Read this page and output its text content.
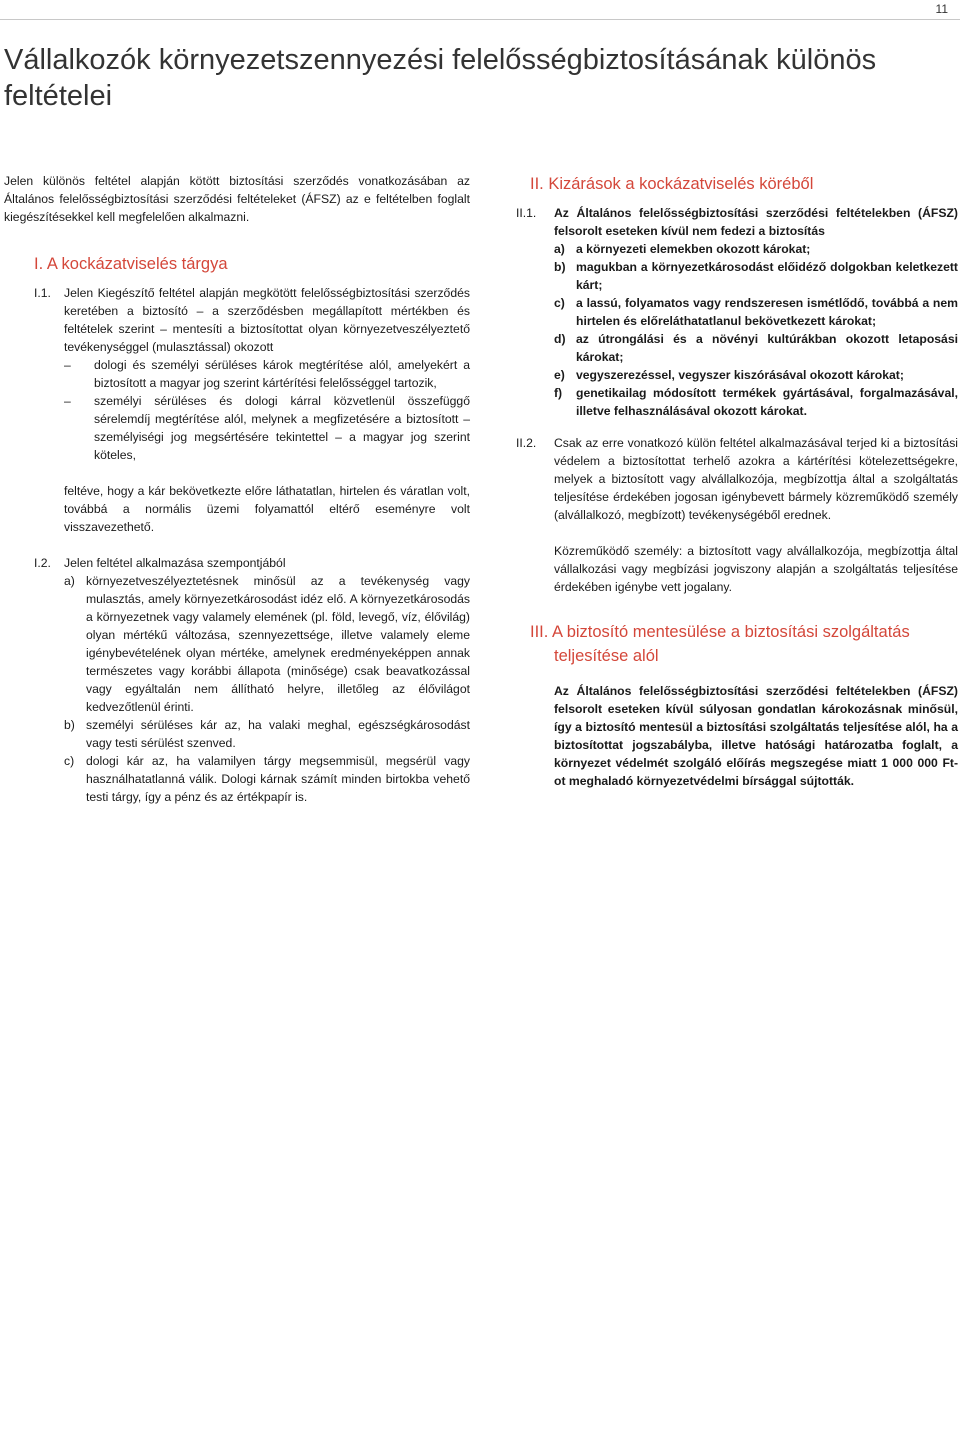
11
Vállalkozók környezetszennyezési felelősségbiztosításának különös feltételei

Jelen különös feltétel alapján kötött biztosítási szerződés vonatkozásában az Általános felelősségbiztosítási szerződési feltételeket (ÁFSZ) az e feltételben foglalt kiegészítésekkel kell megfelelően alkalmazni.

I. A kockázatviselés tárgya
I.1. Jelen Kiegészítő feltétel alapján megkötött felelősségbiztosítási szerződés keretében a biztosító – a szerződésben megállapított mértékben és feltételek szerint – mentesíti a biztosítottat olyan környezetveszélyeztető tevékenységgel (mulasztással) okozott

– dologi és személyi sérüléses károk megtérítése alól, amelyekért a biztosított a magyar jog szerint kártérítési felelősséggel tartozik,
– személyi sérüléses és dologi kárral közvetlenül összefüggő sérelemdíj megtérítése alól, melynek a megfizetésére a biztosított – személyiségi jog megsértésére tekintettel – a magyar jog szerint köteles,

feltéve, hogy a kár bekövetkezte előre láthatatlan, hirtelen és váratlan volt, továbbá a normális üzemi folyamattól eltérő eseményre volt visszavezethető.

I.2. Jelen feltétel alkalmazása szempontjából

a) környezetveszélyeztetésnek minősül az a tevékenység vagy mulasztás, amely környezetkárosodást idéz elő. A környezetkárosodás a környezetnek vagy valamely elemének (pl. föld, levegő, víz, élővilág) olyan mértékű változása, szennyezettsége, illetve valamely eleme igénybevételének olyan mértéke, amelynek eredményeképpen annak természetes vagy korábbi állapota (minősége) csak beavatkozással vagy egyáltalán nem állítható helyre, illetőleg az élővilágot kedvezőtlenül érinti.
b) személyi sérüléses kár az, ha valaki meghal, egészségkárosodást vagy testi sérülést szenved.
c) dologi kár az, ha valamilyen tárgy megsemmisül, megsérül vagy használhatatlanná válik. Dologi kárnak számít minden birtokba vehető testi tárgy, így a pénz és az értékpapír is.
II. Kizárások a kockázatviselés köréből
II.1. Az Általános felelősségbiztosítási szerződési feltételekben (ÁFSZ) felsorolt eseteken kívül nem fedezi a biztosítás

a) a környezeti elemekben okozott károkat;
b) magukban a környezetkárosodást előidéző dolgokban keletkezett kárt;
c) a lassú, folyamatos vagy rendszeresen ismétlődő, továbbá a nem hirtelen és előreláthatatlanul bekövetkezett károkat;
d) az útrongálási és a növényi kultúrákban okozott letaposási károkat;
e) vegyszerezéssel, vegyszer kiszórásával okozott károkat;
f) genetikailag módosított termékek gyártásával, forgalmazásával, illetve felhasználásával okozott károkat.
II.2. Csak az erre vonatkozó külön feltétel alkalmazásával terjed ki a biztosítási védelem a biztosítottat terhelő azokra a kártérítési kötelezettségekre, melyek a biztosított vagy alvállalkozója, megbízottja által a szolgáltatás teljesítése érdekében jogosan igénybevett bármely közreműködő személy (alvállalkozó, megbízott) tevékenységéből erednek.

Közreműködő személy: a biztosított vagy alvállalkozója, megbízottja által vállalkozási vagy megbízási jogviszony alapján a szolgáltatás teljesítése érdekében igénybe vett jogalany.

III. A biztosító mentesülése a biztosítási szolgáltatás
teljesítése alól

Az Általános felelősségbiztosítási szerződési feltételekben (ÁFSZ) felsorolt eseteken kívül súlyosan gondatlan károkozásnak minősül, így a biztosító mentesül a biztosítási szolgáltatás teljesítése alól, ha a biztosítottat jogszabályba, illetve hatósági határozatba foglalt, a környezet védelmét szolgáló előírás megszegése miatt 1 000 000 Ft-ot meghaladó környezetvédelmi bírsággal sújtották.
